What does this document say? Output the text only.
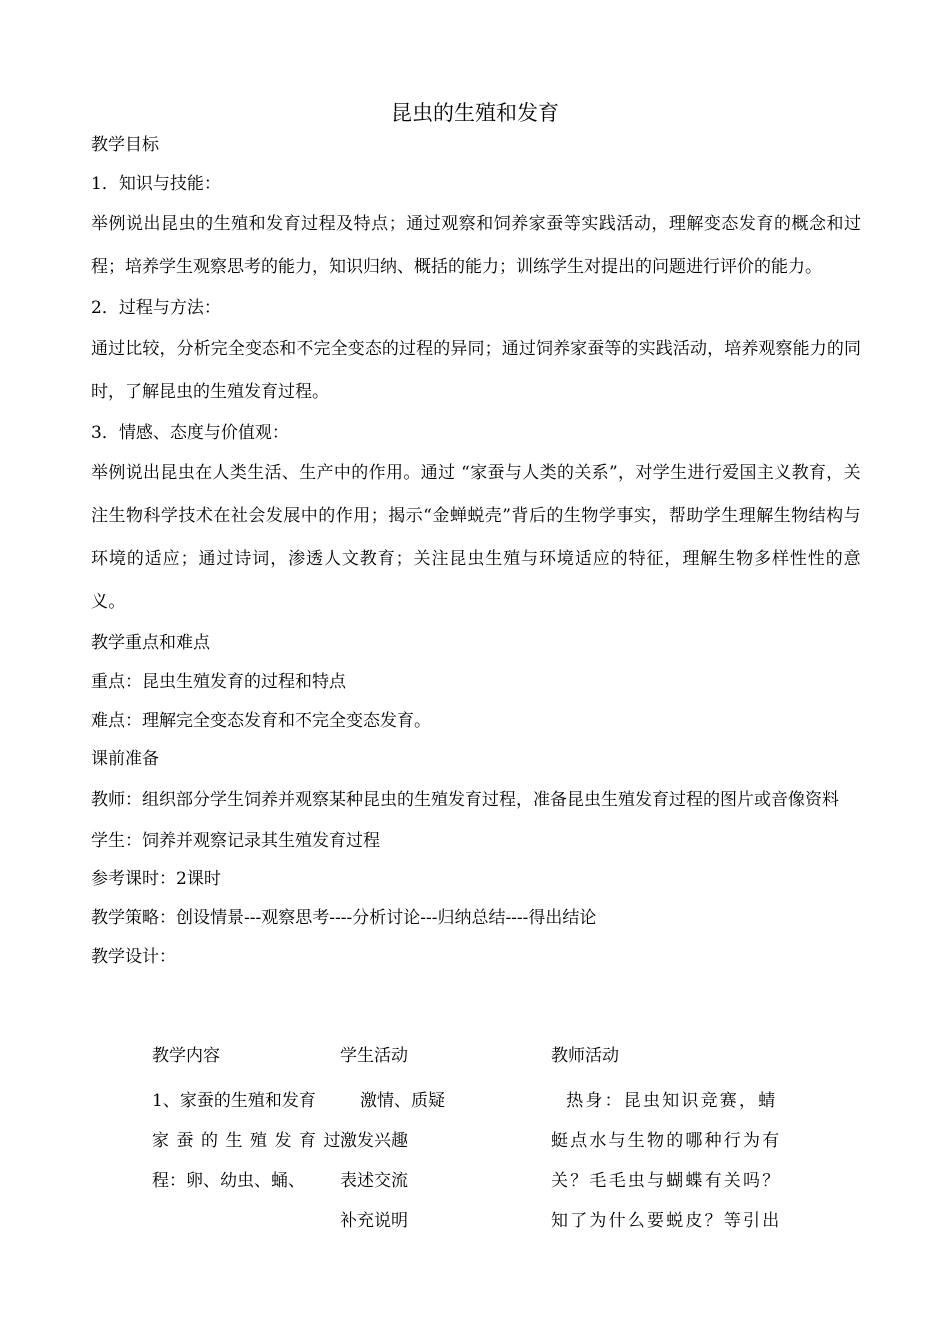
昆虫的生殖和发育
教学目标
1．知识与技能：
举例说出昆虫的生殖和发育过程及特点；通过观察和饲养家蚕等实践活动，理解变态发育的概念和过程；培养学生观察思考的能力，知识归纳、概括的能力；训练学生对提出的问题进行评价的能力。
2．过程与方法：
通过比较，分析完全变态和不完全变态的过程的异同；通过饲养家蚕等的实践活动，培养观察能力的同时，了解昆虫的生殖发育过程。
3．情感、态度与价值观：
举例说出昆虫在人类生活、生产中的作用。通过 “家蚕与人类的关系”，对学生进行爱国主义教育，关注生物科学技术在社会发展中的作用；揭示“金蝉蜕壳”背后的生物学事实，帮助学生理解生物结构与环境的适应；通过诗词，渗透人文教育；关注昆虫生殖与环境适应的特征，理解生物多样性性的意义。
教学重点和难点
重点：昆虫生殖发育的过程和特点
难点：理解完全变态发育和不完全变态发育。
课前准备
教师：组织部分学生饲养并观察某种昆虫的生殖发育过程，准备昆虫生殖发育过程的图片或音像资料
学生：饲养并观察记录其生殖发育过程
参考课时：2课时
教学策略：创设情景---观察思考----分析讨论---归纳总结----得出结论
教学设计：
教学内容
1、家蚕的生殖和发育
家蚕的生殖发育过
程：卵、幼虫、蛹、
学生活动
激情、质疑
激发兴趣
表述交流
补充说明
教师活动
热身：昆虫知识竞赛，蜻
蜓点水与生物的哪种行为有
关？毛毛虫与蝴蝶有关吗？
知了为什么要蜕皮？等引出
